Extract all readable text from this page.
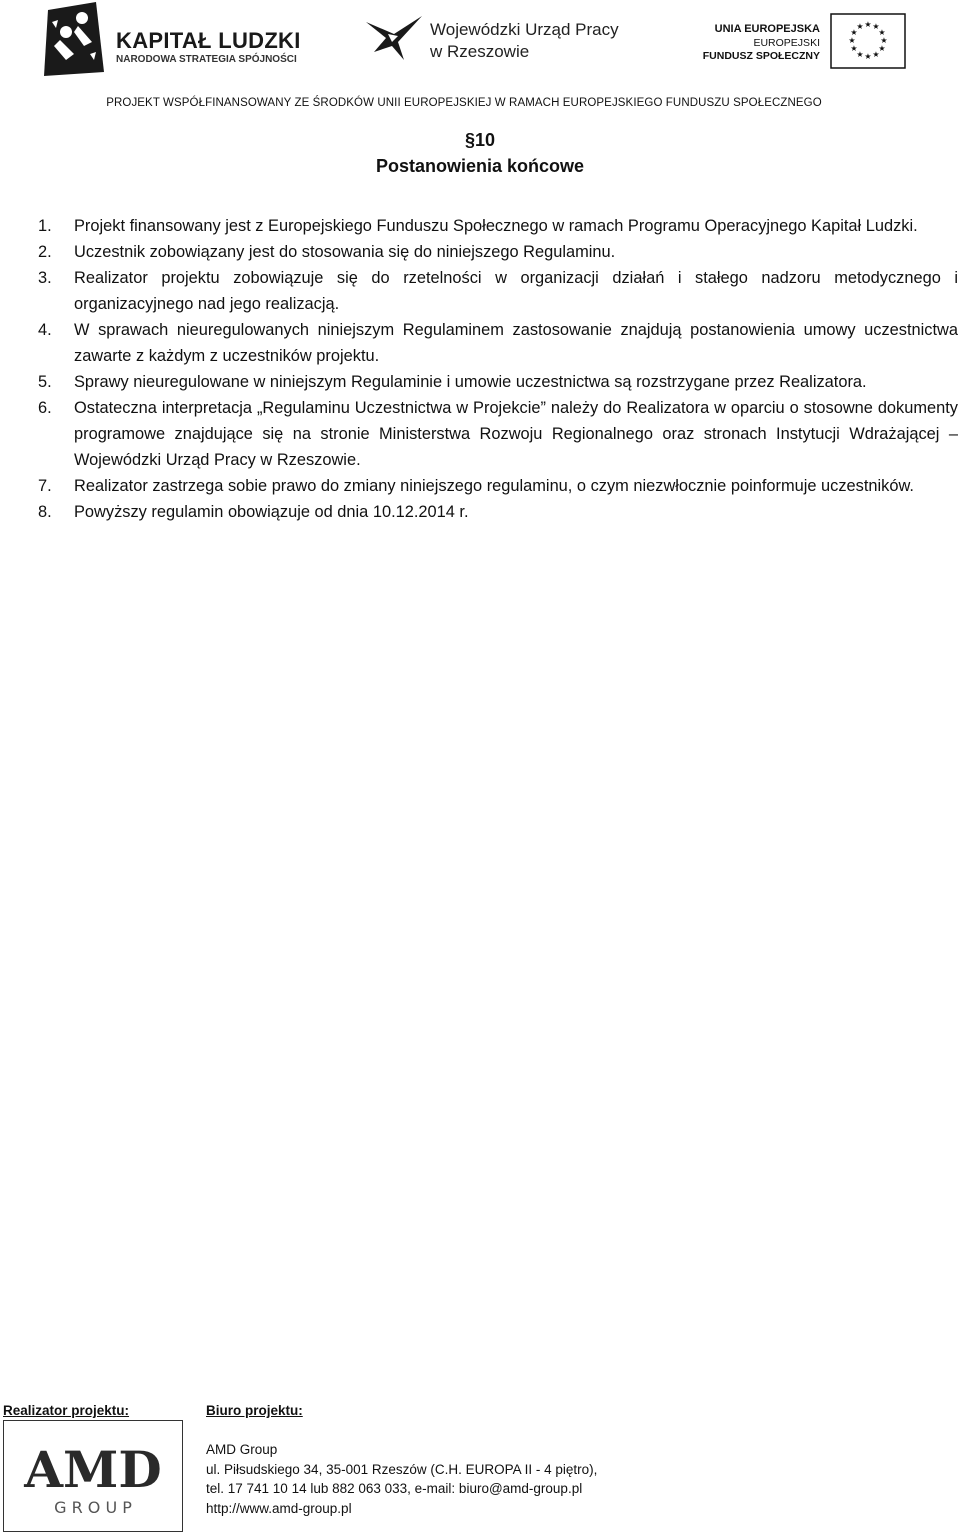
KAPITAŁ LUDZKI
NARODOWA STRATEGIA SPÓJNOŚCI
Wojewódzki Urząd Pracy
w Rzeszowie
UNIA EUROPEJSKA
EUROPEJSKI
FUNDUSZ SPOŁECZNY
★ ★
★
★
★
★
★
★
★
★
★
★
PROJEKT WSPÓŁFINANSOWANY ZE ŚRODKÓW UNII EUROPEJSKIEJ W RAMACH EUROPEJSKIEGO FUNDUSZU SPOŁECZNEGO
§10
Postanowienia końcowe
1.	Projekt finansowany jest z Europejskiego Funduszu Społecznego w ramach Programu Operacyjnego Kapitał Ludzki.
2.	Uczestnik zobowiązany jest do stosowania się do niniejszego Regulaminu.
3.	Realizator projektu zobowiązuje się do rzetelności w organizacji działań i stałego nadzoru metodycznego i organizacyjnego nad jego realizacją.
4.	W sprawach nieuregulowanych niniejszym Regulaminem zastosowanie znajdują postanowienia umowy uczestnictwa zawarte z każdym z uczestników projektu.
5.	Sprawy nieuregulowane w niniejszym Regulaminie i umowie uczestnictwa są rozstrzygane przez Realizatora.
6.	Ostateczna interpretacja „Regulaminu Uczestnictwa w Projekcie” należy do Realizatora w oparciu o stosowne dokumenty programowe znajdujące się na stronie Ministerstwa Rozwoju Regionalnego oraz stronach Instytucji Wdrażającej – Wojewódzki Urząd Pracy w Rzeszowie.
7.	Realizator zastrzega sobie prawo do zmiany niniejszego regulaminu, o czym niezwłocznie poinformuje uczestników.
8.	Powyższy regulamin obowiązuje od dnia 10.12.2014 r.
Realizator projektu:	Biuro projektu:
AMD
G R O U P
AMD Group
ul. Piłsudskiego 34, 35-001 Rzeszów (C.H. EUROPA II - 4 piętro),
tel. 17 741 10 14 lub 882 063 033, e-mail: biuro@amd-group.pl
http://www.amd-group.pl
